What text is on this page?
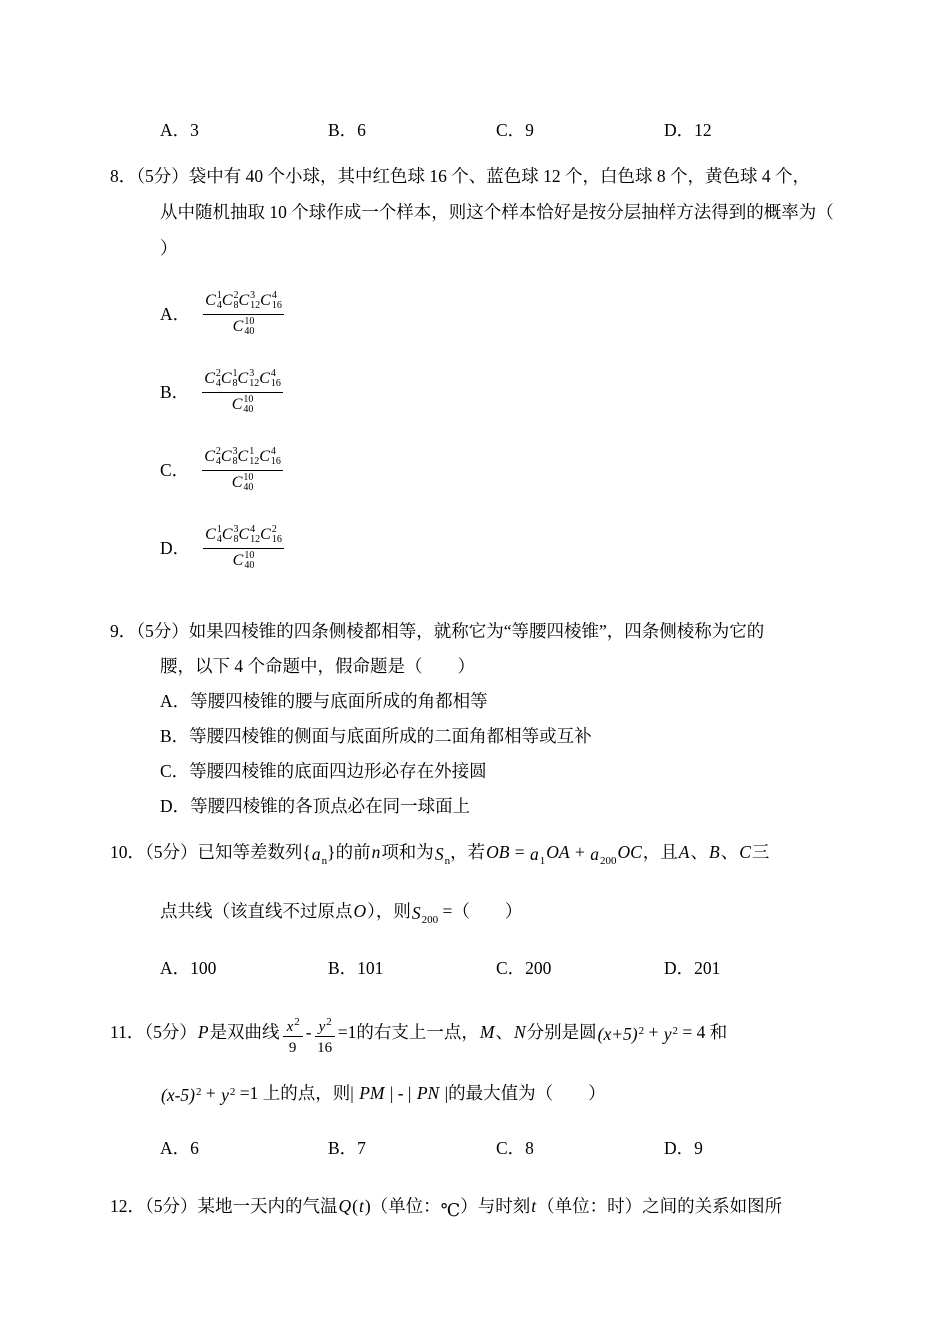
A．3	B．6	C．9	D．12
8．（5分）袋中有 40 个小球，其中红色球 16 个、蓝色球 12 个，白色球 8 个，黄色球 4 个，
从中随机抽取 10 个球作成一个样本，则这个样本恰好是按分层抽样方法得到的概率为（
）
A． C 1
4 C 2
8 C 3
12 C 4
16
C 10
40
B． C 2
4 C 1
8 C 3
12 C 4
16
C 10
40
C． C 2
4 C 3
8 C 1
12 C 4
16
C 10
40
D． C 1
4 C 3
8 C 4
12 C 2
16
C 10
40
9．（5分）如果四棱锥的四条侧棱都相等，就称它为“等腰四棱锥”，四条侧棱称为它的
腰，以下 4 个命题中，假命题是（　　）
A．等腰四棱锥的腰与底面所成的角都相等
B．等腰四棱锥的侧面与底面所成的二面角都相等或互补
C．等腰四棱锥的底面四边形必存在外接圆
D．等腰四棱锥的各顶点必在同一球面上
10．（5分）已知等差数列$\{a_n\}$的前n项和为$S_n$，若OB = $a_1OA + a_{200}OC$，且A、B、C三
点共线（该直线不过原点O），则$S_{200}$ =（　　）
A．100	B．101	C．200	D．201
11．（5分）P是双曲线 $\frac{x^2}{9} - \frac{y^2}{16} =1$的右支上一点，M、N分别是圆$(x+5)^2 + y^2 = 4$ 和
$(x-5)^2 + y^2 =1$ 上的点，则| PM | - | PN |的最大值为（　　）
A．6	B．7	C．8	D．9
12．（5分）某地一天内的气温Q(t)（单位：℃）与时刻t（单位：时）之间的关系如图所
